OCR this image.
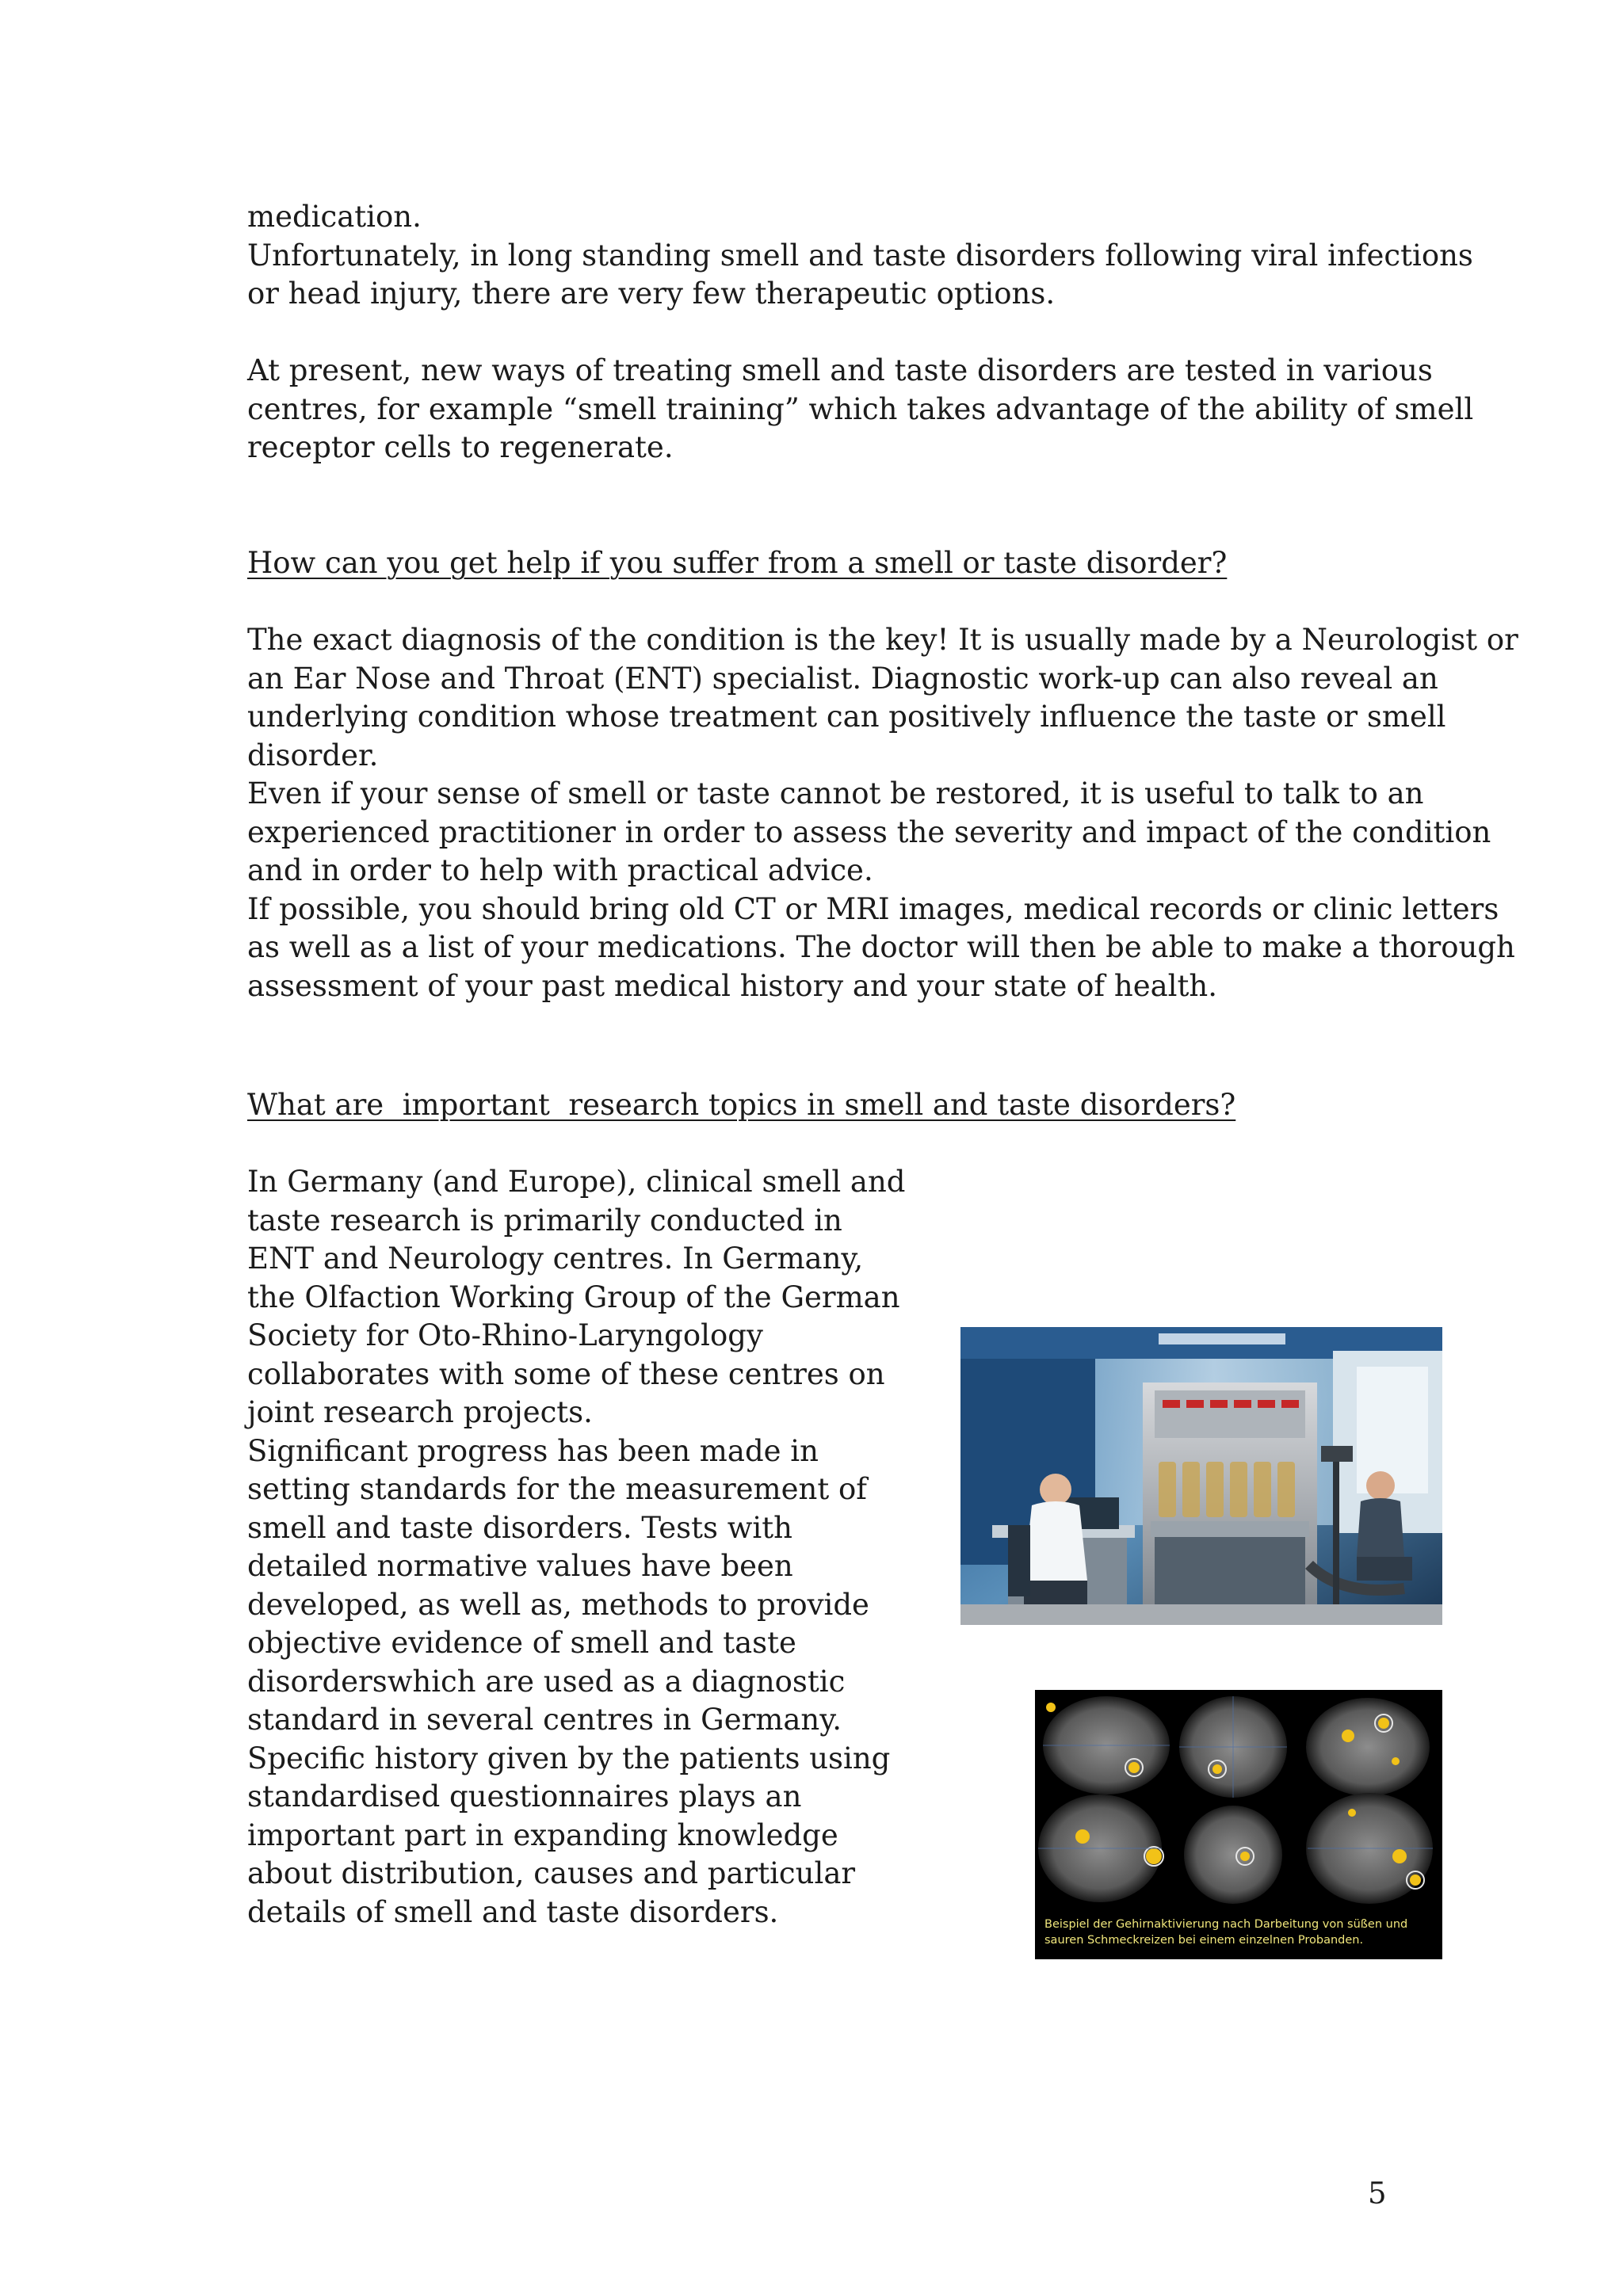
medication.
Unfortunately, in long standing smell and taste disorders following viral infections
or head injury, there are very few therapeutic options.
At present, new ways of treating smell and taste disorders are tested in various
centres, for example “smell training” which takes advantage of the ability of smell
receptor cells to regenerate.
How can you get help if you suffer from a smell or taste disorder?
The exact diagnosis of the condition is the key! It is usually made by a Neurologist or
an Ear Nose and Throat (ENT) specialist. Diagnostic work-up can also reveal an
underlying condition whose treatment can positively influence the taste or smell
disorder.
Even if your sense of smell or taste cannot be restored, it is useful to talk to an
experienced practitioner in order to assess the severity and impact of the condition
and in order to help with practical advice.
If possible, you should bring old CT or MRI images, medical records or clinic letters
as well as a list of your medications. The doctor will then be able to make a thorough
assessment of your past medical history and your state of health.
What are  important  research topics in smell and taste disorders?
In Germany (and Europe), clinical smell and
taste research is primarily conducted in
ENT and Neurology centres. In Germany,
the Olfaction Working Group of the German
Society for Oto-Rhino-Laryngology
collaborates with some of these centres on
joint research projects.
Significant progress has been made in
setting standards for the measurement of
smell and taste disorders. Tests with
detailed normative values have been
developed, as well as, methods to provide
objective evidence of smell and taste
disorderswhich are used as a diagnostic
standard in several centres in Germany.
Specific history given by the patients using
standardised questionnaires plays an
important part in expanding knowledge
about distribution, causes and particular
details of smell and taste disorders.	Beispiel der Gehirnaktivierung nach Darbeitung von süßen und
sauren Schmeckreizen bei einem einzelnen Probanden.
5
